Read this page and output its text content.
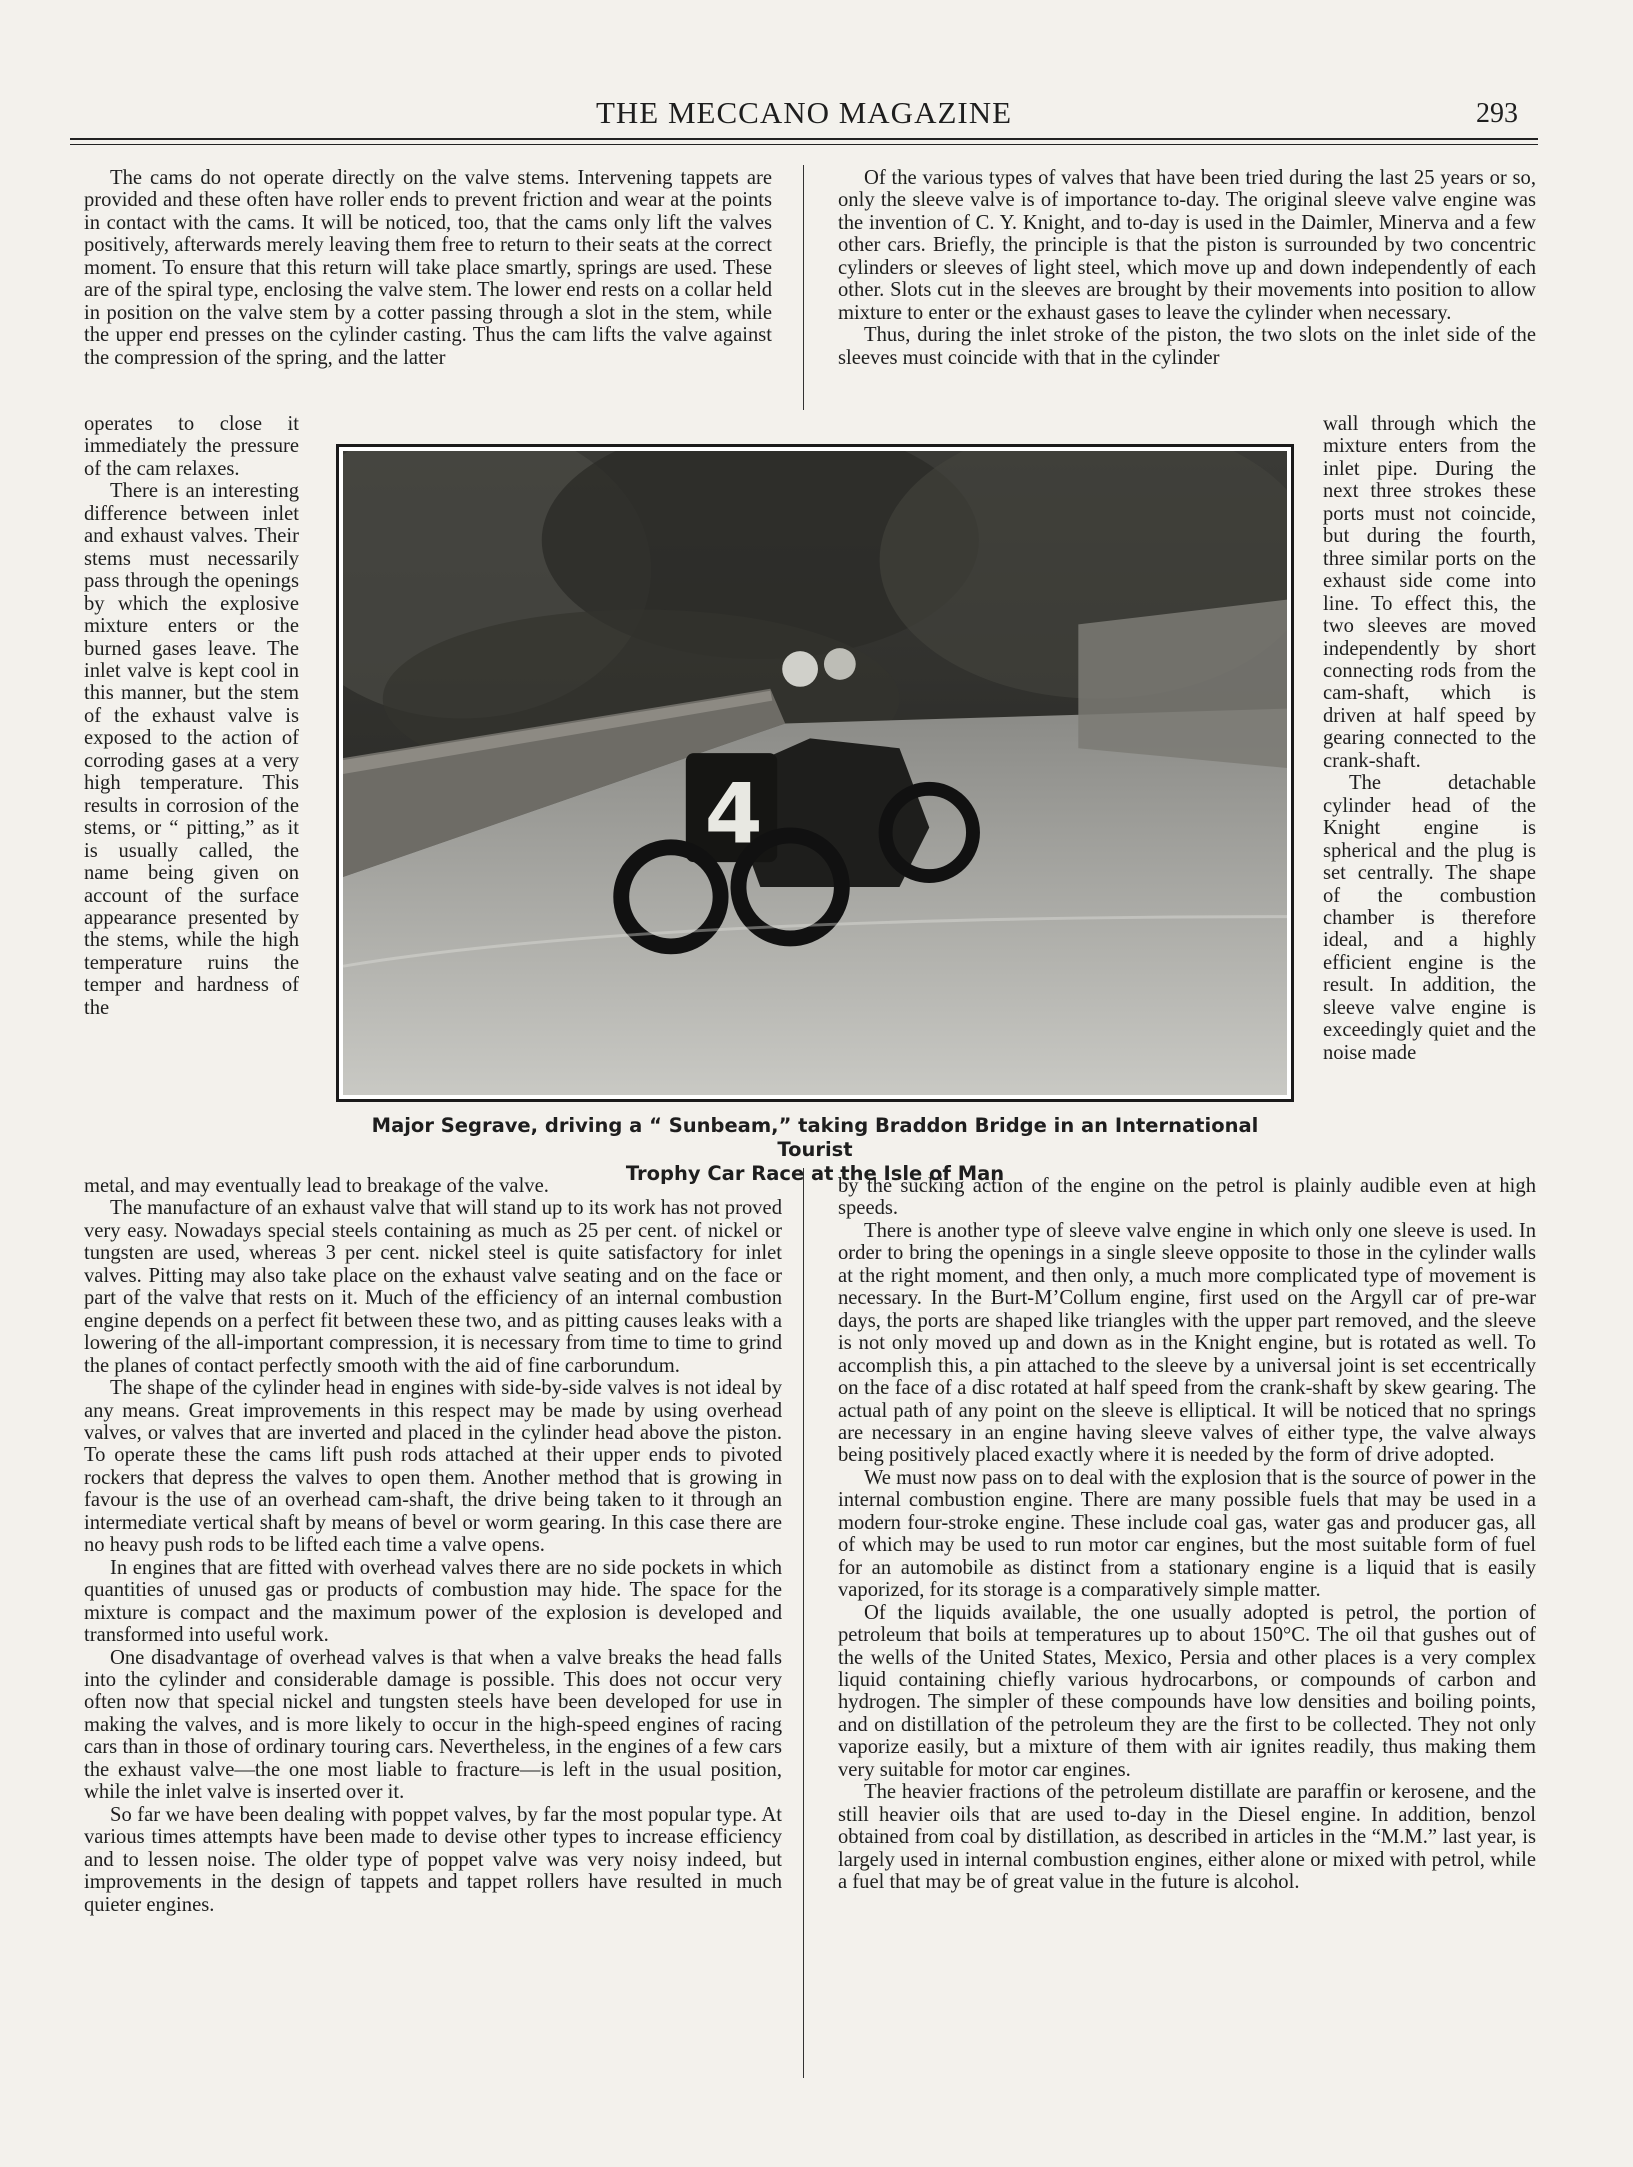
THE MECCANO MAGAZINE	293

The cams do not operate directly on the valve stems. Intervening tappets are provided and these often have roller ends to prevent friction and wear at the points in contact with the cams. It will be noticed, too, that the cams only lift the valves positively, afterwards merely leaving them free to return to their seats at the correct moment. To ensure that this return will take place smartly, springs are used. These are of the spiral type, enclosing the valve stem. The lower end rests on a collar held in position on the valve stem by a cotter passing through a slot in the stem, while the upper end presses on the cylinder casting. Thus the cam lifts the valve against the compression of the spring, and the latter

Of the various types of valves that have been tried during the last 25 years or so, only the sleeve valve is of importance to-day. The original sleeve valve engine was the invention of C. Y. Knight, and to-day is used in the Daimler, Minerva and a few other cars. Briefly, the principle is that the piston is surrounded by two concentric cylinders or sleeves of light steel, which move up and down independently of each other. Slots cut in the sleeves are brought by their movements into position to allow mixture to enter or the exhaust gases to leave the cylinder when necessary.

Thus, during the inlet stroke of the piston, the two slots on the inlet side of the sleeves must coincide with that in the cylinder

operates to close it immediately the pressure of the cam relaxes.

There is an interesting difference between inlet and exhaust valves. Their stems must necessarily pass through the openings by which the explosive mixture enters or the burned gases leave. The inlet valve is kept cool in this manner, but the stem of the exhaust valve is exposed to the action of corroding gases at a very high temperature. This results in corrosion of the stems, or “ pitting,” as it is usually called, the name being given on account of the surface appearance presented by the stems, while the high temperature ruins the temper and hardness of the

4
Major Segrave, driving a “ Sunbeam,” taking Braddon Bridge in an International Tourist
Trophy Car Race at the Isle of Man

wall through which the mixture enters from the inlet pipe. During the next three strokes these ports must not coincide, but during the fourth, three similar ports on the exhaust side come into line. To effect this, the two sleeves are moved independently by short connecting rods from the cam-shaft, which is driven at half speed by gearing connected to the crank-shaft.

The detachable cylinder head of the Knight engine is spherical and the plug is set centrally. The shape of the combustion chamber is therefore ideal, and a highly efficient engine is the result. In addition, the sleeve valve engine is exceedingly quiet and the noise made

metal, and may eventually lead to breakage of the valve.

The manufacture of an exhaust valve that will stand up to its work has not proved very easy. Nowadays special steels containing as much as 25 per cent. of nickel or tungsten are used, whereas 3 per cent. nickel steel is quite satisfactory for inlet valves. Pitting may also take place on the exhaust valve seating and on the face or part of the valve that rests on it. Much of the efficiency of an internal combustion engine depends on a perfect fit between these two, and as pitting causes leaks with a lowering of the all-important compression, it is necessary from time to time to grind the planes of contact perfectly smooth with the aid of fine carborundum.

The shape of the cylinder head in engines with side-by-side valves is not ideal by any means. Great improvements in this respect may be made by using overhead valves, or valves that are inverted and placed in the cylinder head above the piston. To operate these the cams lift push rods attached at their upper ends to pivoted rockers that depress the valves to open them. Another method that is growing in favour is the use of an overhead cam-shaft, the drive being taken to it through an intermediate vertical shaft by means of bevel or worm gearing. In this case there are no heavy push rods to be lifted each time a valve opens.

In engines that are fitted with overhead valves there are no side pockets in which quantities of unused gas or products of combustion may hide. The space for the mixture is compact and the maximum power of the explosion is developed and transformed into useful work.

One disadvantage of overhead valves is that when a valve breaks the head falls into the cylinder and considerable damage is possible. This does not occur very often now that special nickel and tungsten steels have been developed for use in making the valves, and is more likely to occur in the high-speed engines of racing cars than in those of ordinary touring cars. Nevertheless, in the engines of a few cars the exhaust valve—the one most liable to fracture—is left in the usual position, while the inlet valve is inserted over it.

So far we have been dealing with poppet valves, by far the most popular type. At various times attempts have been made to devise other types to increase efficiency and to lessen noise. The older type of poppet valve was very noisy indeed, but improvements in the design of tappets and tappet rollers have resulted in much quieter engines.

by the sucking action of the engine on the petrol is plainly audible even at high speeds.

There is another type of sleeve valve engine in which only one sleeve is used. In order to bring the openings in a single sleeve opposite to those in the cylinder walls at the right moment, and then only, a much more complicated type of movement is necessary. In the Burt-M’Collum engine, first used on the Argyll car of pre-war days, the ports are shaped like triangles with the upper part removed, and the sleeve is not only moved up and down as in the Knight engine, but is rotated as well. To accomplish this, a pin attached to the sleeve by a universal joint is set eccentrically on the face of a disc rotated at half speed from the crank-shaft by skew gearing. The actual path of any point on the sleeve is elliptical. It will be noticed that no springs are necessary in an engine having sleeve valves of either type, the valve always being positively placed exactly where it is needed by the form of drive adopted.

We must now pass on to deal with the explosion that is the source of power in the internal combustion engine. There are many possible fuels that may be used in a modern four-stroke engine. These include coal gas, water gas and producer gas, all of which may be used to run motor car engines, but the most suitable form of fuel for an automobile as distinct from a stationary engine is a liquid that is easily vaporized, for its storage is a comparatively simple matter.

Of the liquids available, the one usually adopted is petrol, the portion of petroleum that boils at temperatures up to about 150°C. The oil that gushes out of the wells of the United States, Mexico, Persia and other places is a very complex liquid containing chiefly various hydrocarbons, or compounds of carbon and hydrogen. The simpler of these compounds have low densities and boiling points, and on distillation of the petroleum they are the first to be collected. They not only vaporize easily, but a mixture of them with air ignites readily, thus making them very suitable for motor car engines.

The heavier fractions of the petroleum distillate are paraffin or kerosene, and the still heavier oils that are used to-day in the Diesel engine. In addition, benzol obtained from coal by distillation, as described in articles in the “M.M.” last year, is largely used in internal combustion engines, either alone or mixed with petrol, while a fuel that may be of great value in the future is alcohol.
